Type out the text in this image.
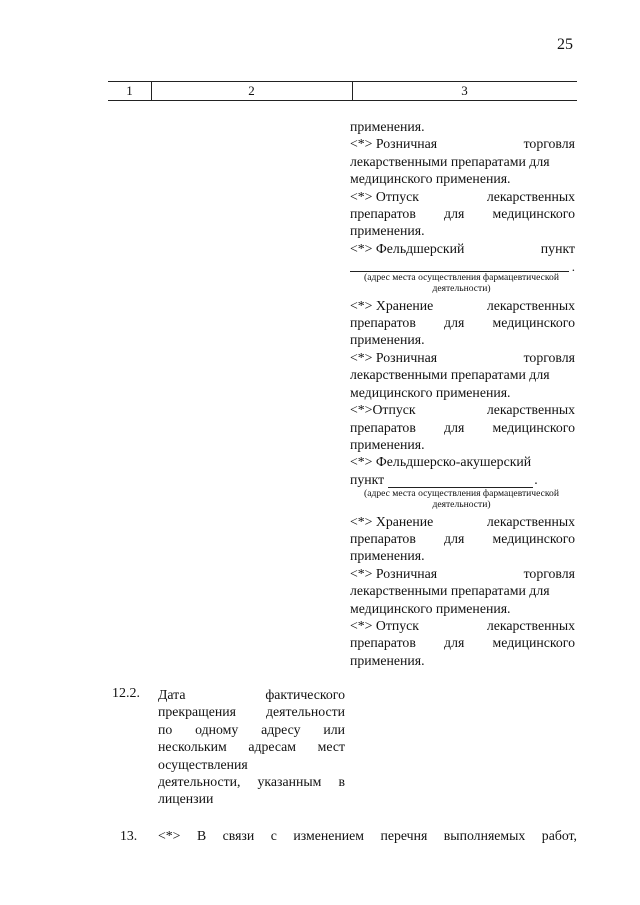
25
1	2	3
применения.
<*> Розничная	торговля
лекарственными препаратами для
медицинского применения.
<*> Отпуск	лекарственных
препаратов для медицинского
применения.
<*> Фельдшерский	пункт
.
(адрес места осуществления фармацевтической
деятельности)
<*> Хранение	лекарственных
препаратов для медицинского
применения.
<*> Розничная	торговля
лекарственными препаратами для
медицинского применения.
<*>Отпуск	лекарственных
препаратов для медицинского
применения.
<*> Фельдшерско-акушерский
пункт	.
(адрес места осуществления фармацевтической
деятельности)
<*> Хранение	лекарственных
препаратов для медицинского
применения.
<*> Розничная	торговля
лекарственными препаратами для
медицинского применения.
<*> Отпуск	лекарственных
препаратов для медицинского
применения.
12.2. Дата фактического
прекращения деятельности
по одному адресу или
нескольким адресам мест
осуществления
деятельности, указанным в
лицензии
13. <*> В связи с изменением перечня выполняемых работ,
